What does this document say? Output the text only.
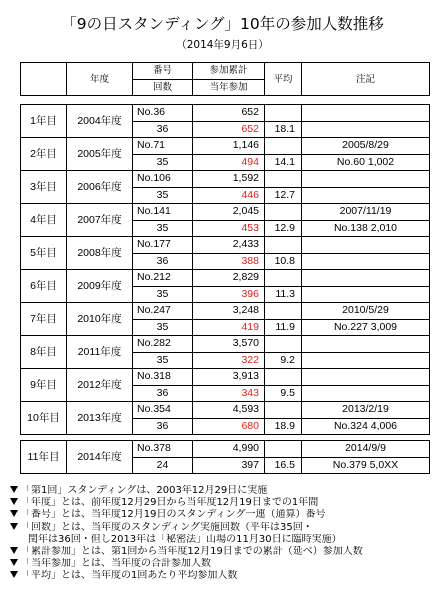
「9の日スタンディング」10年の参加人数推移
（2014年9月6日）
	年度	番号	参加累計	平均	注記
		回数	当年参加		
1年目	2004年度	No.36	652		
		36	652	18.1	
2年目	2005年度	No.71	1,146		2005/8/29
		35	494	14.1	No.60 1,002
3年目	2006年度	No.106	1,592		
		35	446	12.7	
4年目	2007年度	No.141	2,045		2007/11/19
		35	453	12.9	No.138 2,010
5年目	2008年度	No.177	2,433		
		36	388	10.8	
6年目	2009年度	No.212	2,829		
		35	396	11.3	
7年目	2010年度	No.247	3,248		2010/5/29
		35	419	11.9	No.227 3,009
8年目	2011年度	No.282	3,570		
		35	322	9.2	
9年目	2012年度	No.318	3,913		
		36	343	9.5	
10年目	2013年度	No.354	4,593		2013/2/19
		36	680	18.9	No.324 4,006
11年目	2014年度	No.378	4,990		2014/9/9
		24	397	16.5	No.379 5,0XX
「第1回」スタンディングは、2003年12月29日に実施
「年度」とは、前年度12月29日から当年度12月19日までの1年間
「番号」とは、当年度12月19日のスタンディング一連（通算）番号
「回数」とは、当年度のスタンディング実施回数（平年は35回・
閏年は36回・但し2013年は「秘密法」山場の11月30日に臨時実施）
「累計参加」とは、第1回から当年度12月19日までの累計（延べ）参加人数
「当年参加」とは、当年度の合計参加人数
「平均」とは、当年度の1回あたり平均参加人数
